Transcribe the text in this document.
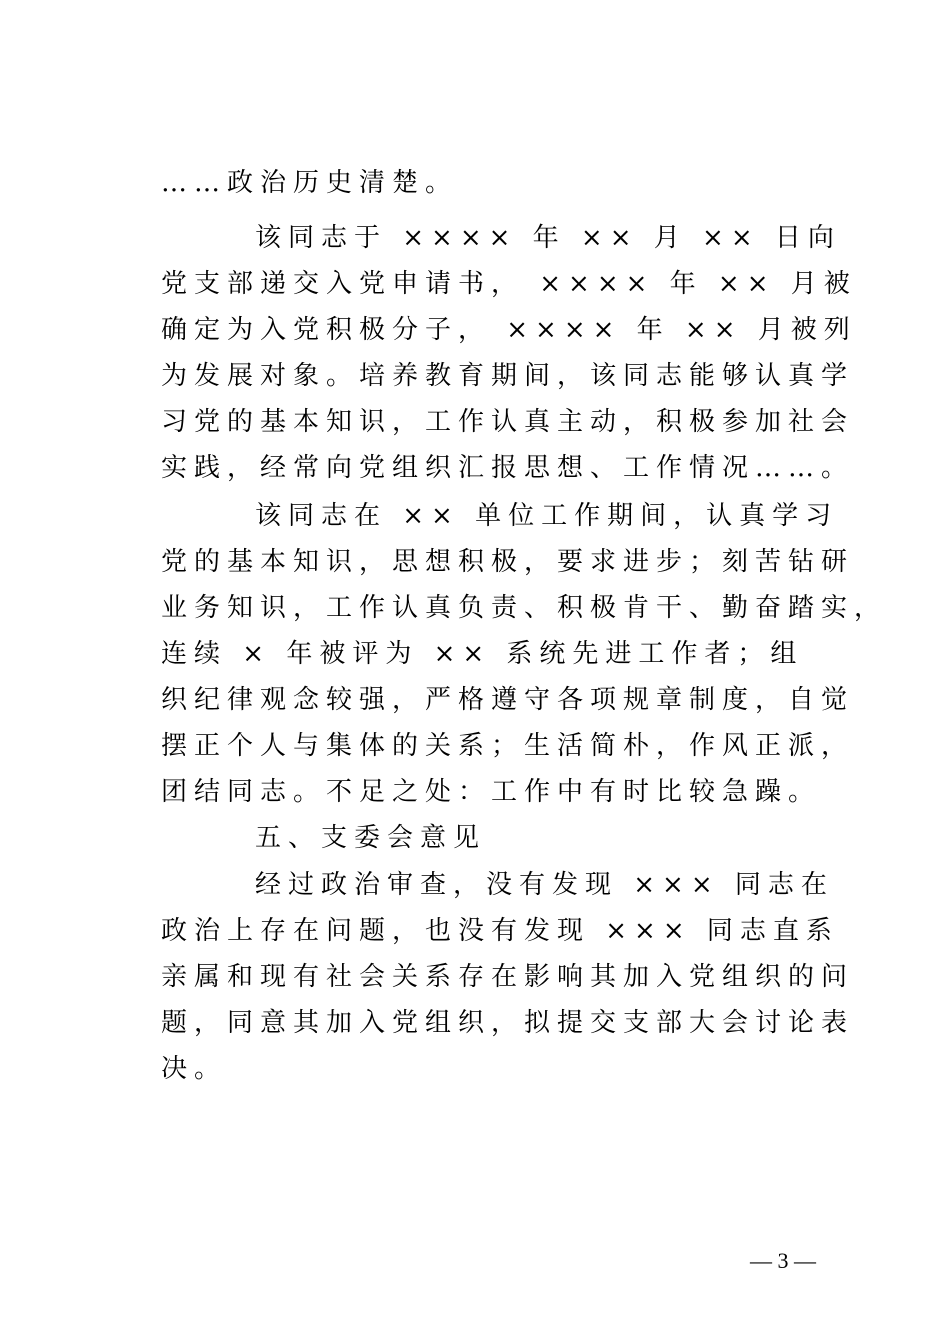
……政治历史清楚。
该同志于 ×××× 年 ×× 月 ×× 日向
党支部递交入党申请书， ×××× 年 ×× 月被
确定为入党积极分子， ×××× 年 ×× 月被列
为发展对象。培养教育期间，该同志能够认真学
习党的基本知识，工作认真主动，积极参加社会
实践，经常向党组织汇报思想、工作情况……。
该同志在 ×× 单位工作期间，认真学习
党的基本知识，思想积极，要求进步；刻苦钻研
业务知识，工作认真负责、积极肯干、勤奋踏实，
连续 × 年被评为 ×× 系统先进工作者；组
织纪律观念较强，严格遵守各项规章制度，自觉
摆正个人与集体的关系；生活简朴，作风正派，
团结同志。不足之处：工作中有时比较急躁。
五、支委会意见
经过政治审查，没有发现 ××× 同志在
政治上存在问题，也没有发现 ××× 同志直系
亲属和现有社会关系存在影响其加入党组织的问
题，同意其加入党组织，拟提交支部大会讨论表
决。
— 3 —
